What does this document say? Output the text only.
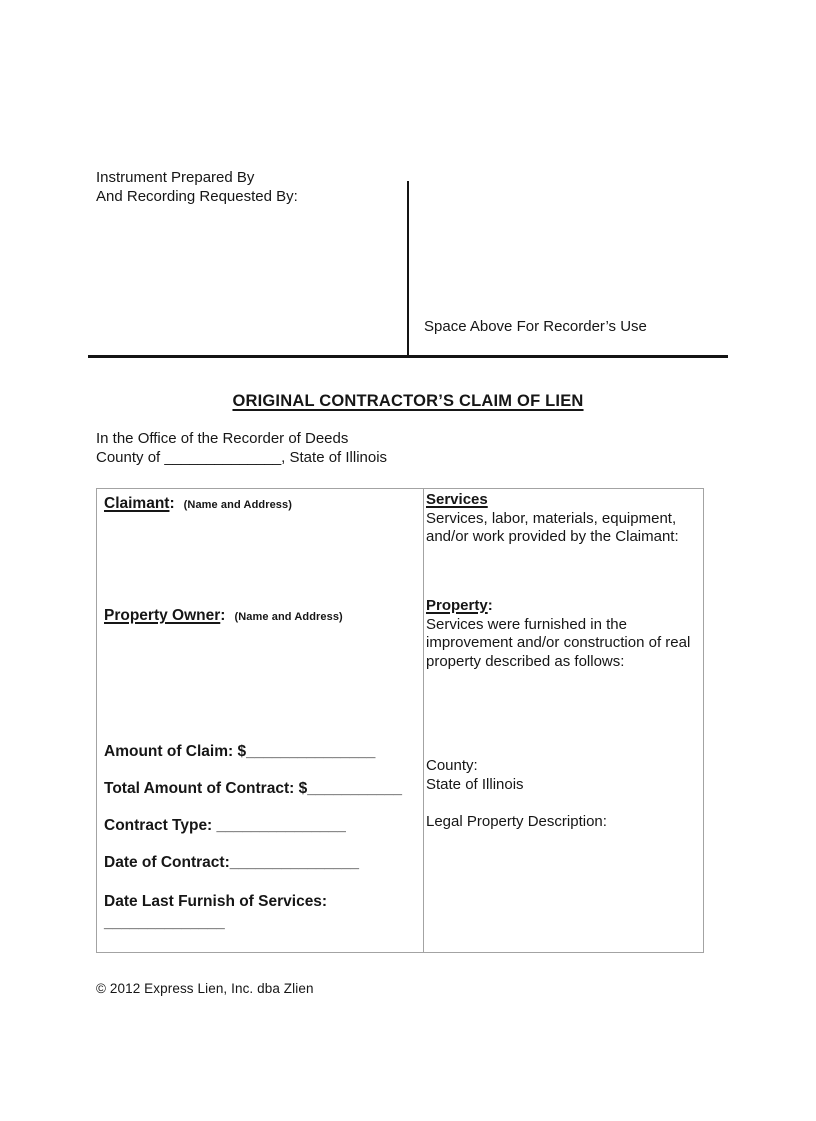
Instrument Prepared By
And Recording Requested By:
Space Above For Recorder’s Use
ORIGINAL CONTRACTOR’S CLAIM OF LIEN
In the Office of the Recorder of Deeds
County of ______________, State of Illinois
Claimant: (Name and Address)
Property Owner: (Name and Address)
Amount of Claim: $_______________
Total Amount of Contract: $___________
Contract Type: _______________
Date of Contract:_______________
Date Last Furnish of Services:
______________
Services
Services, labor, materials, equipment, and/or work provided by the Claimant:
Property:
Services were furnished in the improvement and/or construction of real property described as follows:
County:
State of Illinois
Legal Property Description:
© 2012 Express Lien, Inc. dba Zlien
